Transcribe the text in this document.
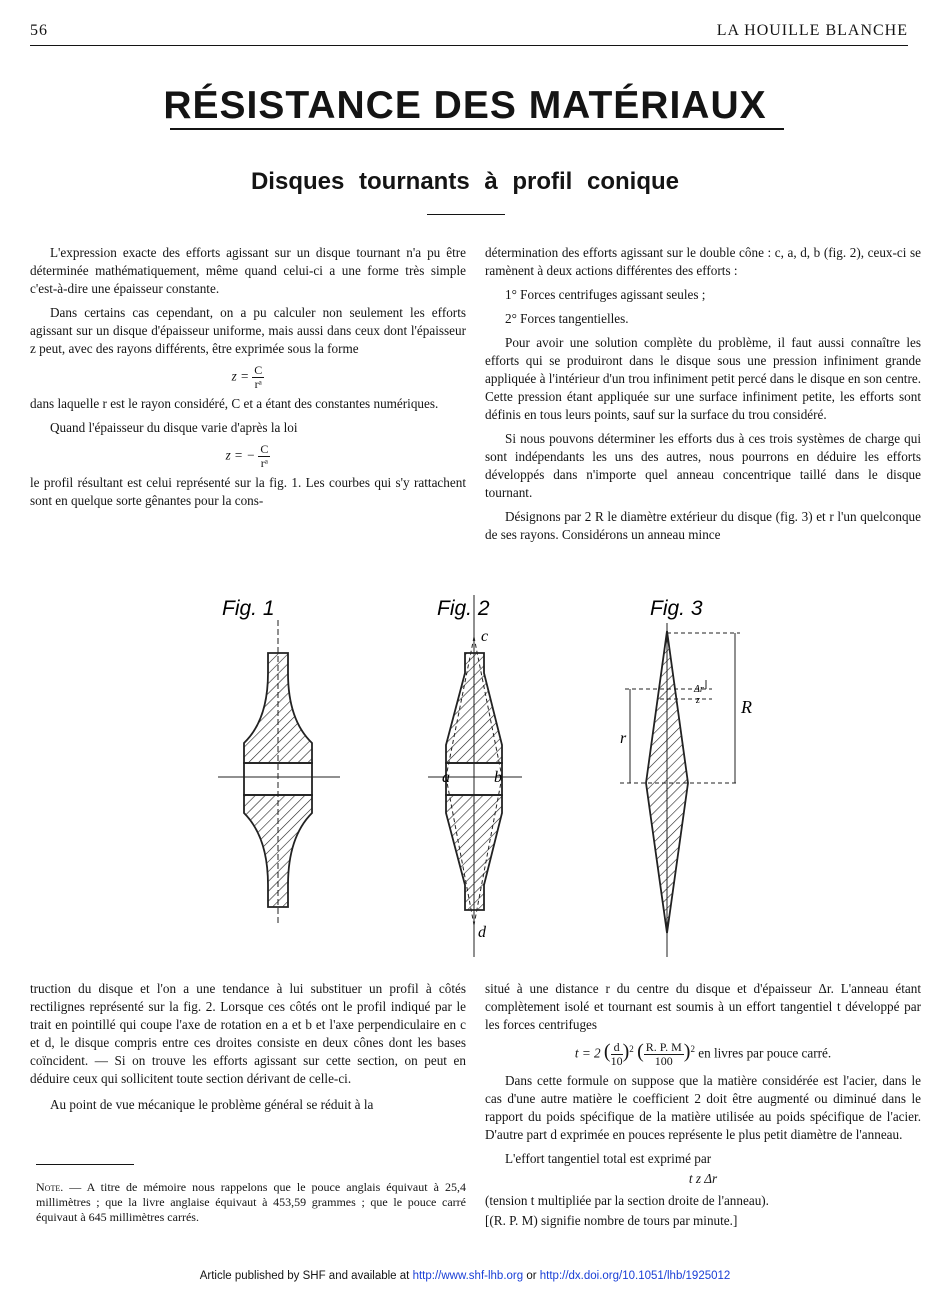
56	LA HOUILLE BLANCHE
RÉSISTANCE DES MATÉRIAUX
Disques tournants à profil conique

L'expression exacte des efforts agissant sur un disque tournant n'a pu être déterminée mathématiquement, même quand celui-ci a une forme très simple c'est-à-dire une épaisseur constante.

Dans certains cas cependant, on a pu calculer non seulement les efforts agissant sur un disque d'épaisseur uniforme, mais aussi dans ceux dont l'épaisseur z peut, avec des rayons différents, être exprimée sous la forme

$z = \frac{C}{\text{rᵃ}}$

dans laquelle r est le rayon considéré, C et a étant des constantes numériques.

Quand l'épaisseur du disque varie d'après la loi

z = − $\frac{C}{\text{rᵃ}}$

le profil résultant est celui représenté sur la fig. 1. Les courbes qui s'y rattachent sont en quelque sorte gênantes pour la cons-

détermination des efforts agissant sur le double cône : c, a, d, b (fig. 2), ceux-ci se ramènent à deux actions différentes des efforts :

1° Forces centrifuges agissant seules ;

2° Forces tangentielles.

Pour avoir une solution complète du problème, il faut aussi connaître les efforts qui se produiront dans le disque sous une pression infiniment grande appliquée à l'intérieur d'un trou infiniment petit percé dans le disque en son centre. Cette pression étant appliquée sur une surface infiniment petite, les efforts sont définis en tous leurs points, sauf sur la surface du trou considéré.

Si nous pouvons déterminer les efforts dus à ces trois systèmes de charge qui sont indépendants les uns des autres, nous pourrons en déduire les efforts développés dans n'importe quel anneau concentrique taillé dans le disque tournant.

Désignons par 2 R le diamètre extérieur du disque (fig. 3) et r l'un quelconque de ses rayons. Considérons un anneau mince

Fig. 1	Fig. 2
c
a	b
d
Fig. 3
r
R
Δr
z

truction du disque et l'on a une tendance à lui substituer un profil à côtés rectilignes représenté sur la fig. 2. Lorsque ces côtés ont le profil indiqué par le trait en pointillé qui coupe l'axe de rotation en a et b et l'axe perpendiculaire en c et d, le disque compris entre ces droites consiste en deux cônes dont les bases coïncident. — Si on trouve les efforts agissant sur cette section, on peut en déduire ceux qui sollicitent toute section dérivant de celle-ci.

Au point de vue mécanique le problème général se réduit à la

Note. — A titre de mémoire nous rappelons que le pouce anglais équivaut à 25,4 millimètres ; que la livre anglaise équivaut à 453,59 grammes ; que le pouce carré équivaut à 645 millimètres carrés.

situé à une distance r du centre du disque et d'épaisseur Δr. L'anneau étant complètement isolé et tournant est soumis à un effort tangentiel t développé par les forces centrifuges

t = 2 ( $\frac{d}{10} )^2$ ( $\frac{R. P. M}{100} )^2$ en livres par pouce carré.

Dans cette formule on suppose que la matière considérée est l'acier, dans le cas d'une autre matière le coefficient 2 doit être augmenté ou diminué dans le rapport du poids spécifique de la matière utilisée au poids spécifique de l'acier. D'autre part d exprimée en pouces représente le plus petit diamètre de l'anneau.

L'effort tangentiel total est exprimé par

t z Δr

(tension t multipliée par la section droite de l'anneau).

[(R. P. M) signifie nombre de tours par minute.]

Article published by SHF and available at http://www.shf-lhb.org or http://dx.doi.org/10.1051/lhb/1925012
